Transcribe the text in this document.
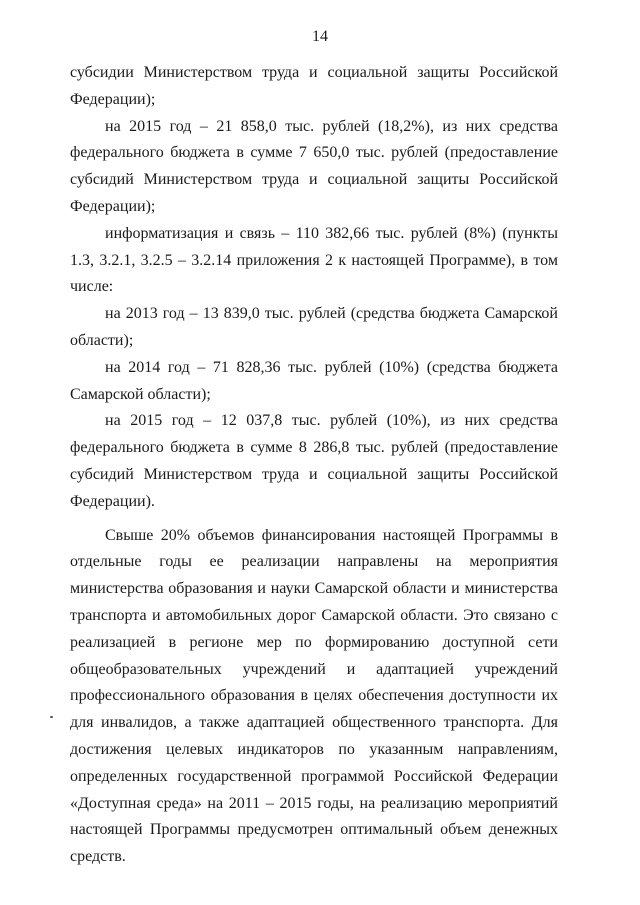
14

субсидии Министерством труда и социальной защиты Российской Федерации);

на 2015 год – 21 858,0 тыс. рублей (18,2%), из них средства федерального бюджета в сумме 7 650,0 тыс. рублей (предоставление субсидий Министерством труда и социальной защиты Российской Федерации);

информатизация и связь – 110 382,66 тыс. рублей (8%) (пункты 1.3, 3.2.1, 3.2.5 – 3.2.14 приложения 2 к настоящей Программе), в том числе:

на 2013 год – 13 839,0 тыс. рублей (средства бюджета Самарской области);

на 2014 год – 71 828,36 тыс. рублей (10%) (средства бюджета Самарской области);

на 2015 год – 12 037,8 тыс. рублей (10%), из них средства федерального бюджета в сумме 8 286,8 тыс. рублей (предоставление субсидий Министерством труда и социальной защиты Российской Федерации).

Свыше 20% объемов финансирования настоящей Программы в отдельные годы ее реализации направлены на мероприятия министерства образования и науки Самарской области и министерства транспорта и автомобильных дорог Самарской области. Это связано с реализацией в регионе мер по формированию доступной сети общеобразовательных учреждений и адаптацией учреждений профессионального образования в целях обеспечения доступности их для инвалидов, а также адаптацией общественного транспорта. Для достижения целевых индикаторов по указанным направлениям, определенных государственной программой Российской Федерации «Доступная среда» на 2011 – 2015 годы, на реализацию мероприятий настоящей Программы предусмотрен оптимальный объем денежных средств.
